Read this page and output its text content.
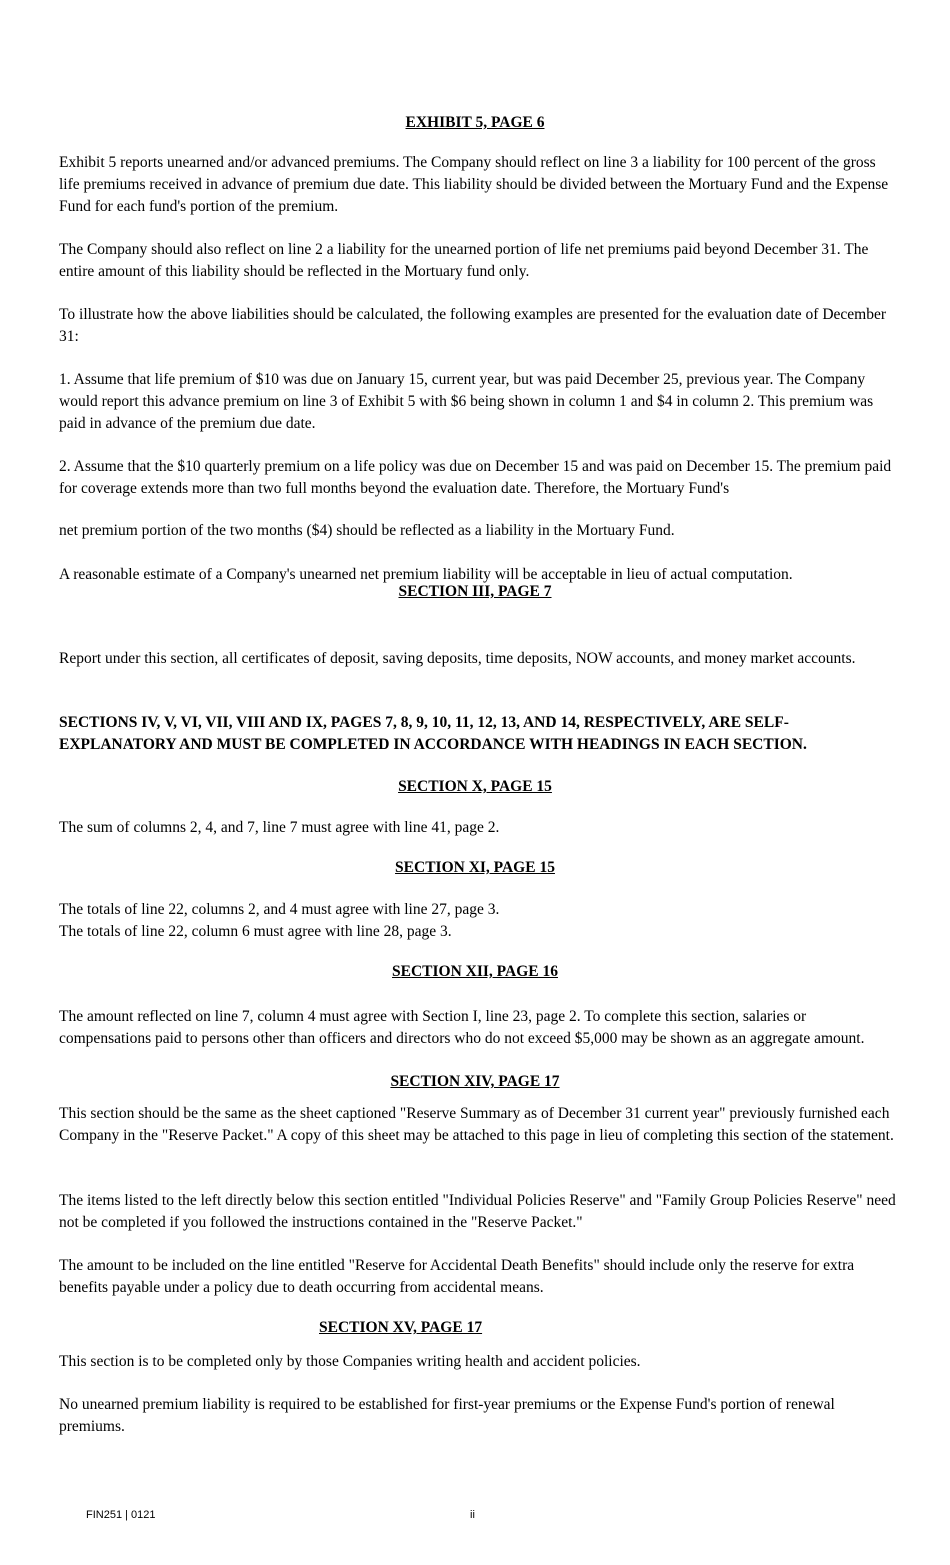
EXHIBIT 5, PAGE 6

Exhibit 5 reports unearned and/or advanced premiums. The Company should reflect on line 3 a liability for 100 percent of the gross life premiums received in advance of premium due date. This liability should be divided between the Mortuary Fund and the Expense Fund for each fund's portion of the premium.

The Company should also reflect on line 2 a liability for the unearned portion of life net premiums paid beyond December 31. The entire amount of this liability should be reflected in the Mortuary fund only.

To illustrate how the above liabilities should be calculated, the following examples are presented for the evaluation date of December 31:

1. Assume that life premium of $10 was due on January 15, current year, but was paid December 25, previous year. The Company would report this advance premium on line 3 of Exhibit 5 with $6 being shown in column 1 and $4 in column 2. This premium was paid in advance of the premium due date.

2. Assume that the $10 quarterly premium on a life policy was due on December 15 and was paid on December 15. The premium paid for coverage extends more than two full months beyond the evaluation date. Therefore, the Mortuary Fund's

net premium portion of the two months ($4) should be reflected as a liability in the Mortuary Fund.

A reasonable estimate of a Company's unearned net premium liability will be acceptable in lieu of actual computation.

SECTION III, PAGE 7

Report under this section, all certificates of deposit, saving deposits, time deposits, NOW accounts, and money market accounts.

SECTIONS IV, V, VI, VII, VIII AND IX, PAGES 7, 8, 9, 10, 11, 12, 13, AND 14, RESPECTIVELY, ARE SELF-EXPLANATORY AND MUST BE COMPLETED IN ACCORDANCE WITH HEADINGS IN EACH SECTION.

SECTION X, PAGE 15

The sum of columns 2, 4, and 7, line 7 must agree with line 41, page 2.

SECTION XI, PAGE 15

The totals of line 22, columns 2, and 4 must agree with line 27, page 3.
The totals of line 22, column 6 must agree with line 28, page 3.

SECTION XII, PAGE 16

The amount reflected on line 7, column 4 must agree with Section I, line 23, page 2. To complete this section, salaries or compensations paid to persons other than officers and directors who do not exceed $5,000 may be shown as an aggregate amount.

SECTION XIV, PAGE 17

This section should be the same as the sheet captioned "Reserve Summary as of December 31 current year" previously furnished each Company in the "Reserve Packet." A copy of this sheet may be attached to this page in lieu of completing this section of the statement.

The items listed to the left directly below this section entitled "Individual Policies Reserve" and "Family Group Policies Reserve" need not be completed if you followed the instructions contained in the "Reserve Packet."

The amount to be included on the line entitled "Reserve for Accidental Death Benefits" should include only the reserve for extra benefits payable under a policy due to death occurring from accidental means.

SECTION XV, PAGE 17

This section is to be completed only by those Companies writing health and accident policies.

No unearned premium liability is required to be established for first-year premiums or the Expense Fund's portion of renewal premiums.

FIN251 | 0121	ii
